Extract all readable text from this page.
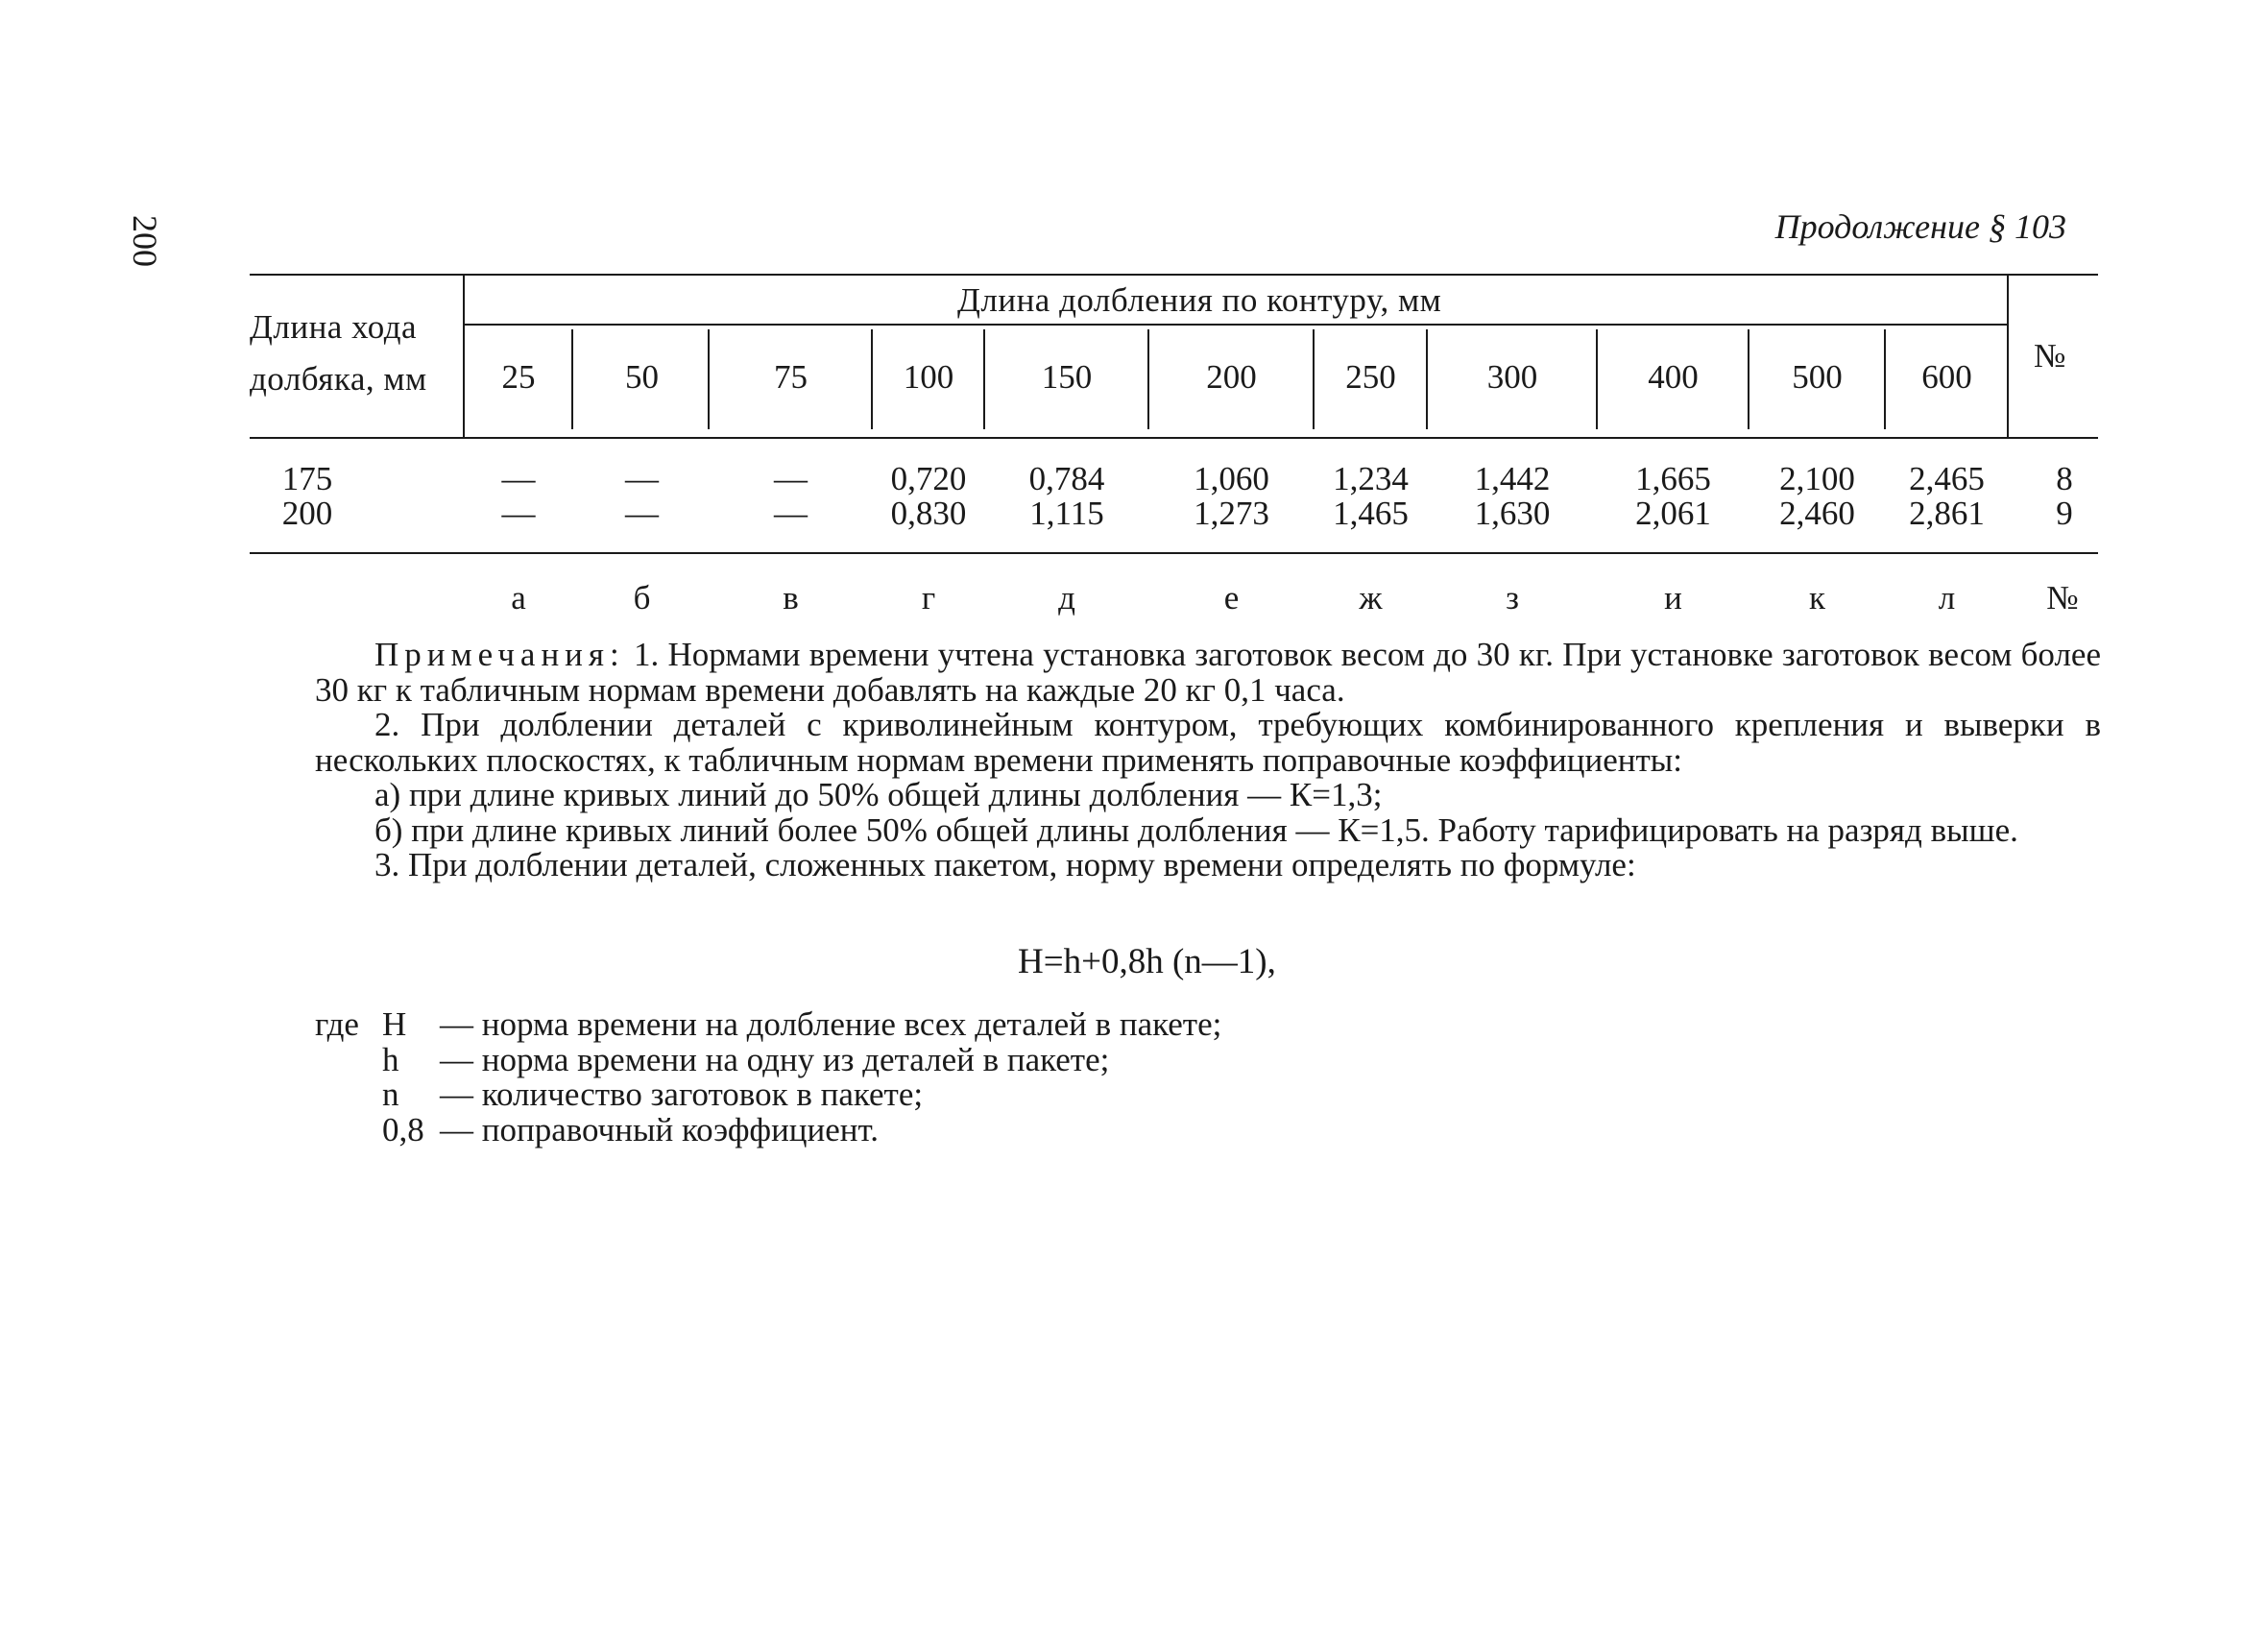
200	Продолжение § 103
Длина хода
долбяка, мм
Длина долбления по контуру, мм
№
25	50	75	100	150	200	250	300	400	500	600
175	—	—	—	0,720	0,784	1,060	1,234	1,442	1,665	2,100	2,465	8
200	—	—	—	0,830	1,115	1,273	1,465	1,630	2,061	2,460	2,861	9
а	б	в	г	д	е	ж	з	и	к	л	№

Примечания: 1. Нормами времени учтена установка заготовок весом до 30 кг. При установке заготовок весом более 30 кг к табличным нормам времени добавлять на каждые 20 кг 0,1 часа.

2. При долблении деталей с криволинейным контуром, требующих комбинированного крепления и выверки в нескольких плоскостях, к табличным нормам времени применять поправочные коэффициенты:

а) при длине кривых линий до 50% общей длины долбления — К=1,3;

б) при длине кривых линий более 50% общей длины долбления — К=1,5. Работу тарифицировать на разряд выше.

3. При долблении деталей, сложенных пакетом, норму времени определять по формуле:

Н=h+0,8h (n—1),
где Н — норма времени на долбление всех деталей в пакете;
h	— норма времени на одну из деталей в пакете;
n	— количество заготовок в пакете;
0,8 — поправочный коэффициент.
